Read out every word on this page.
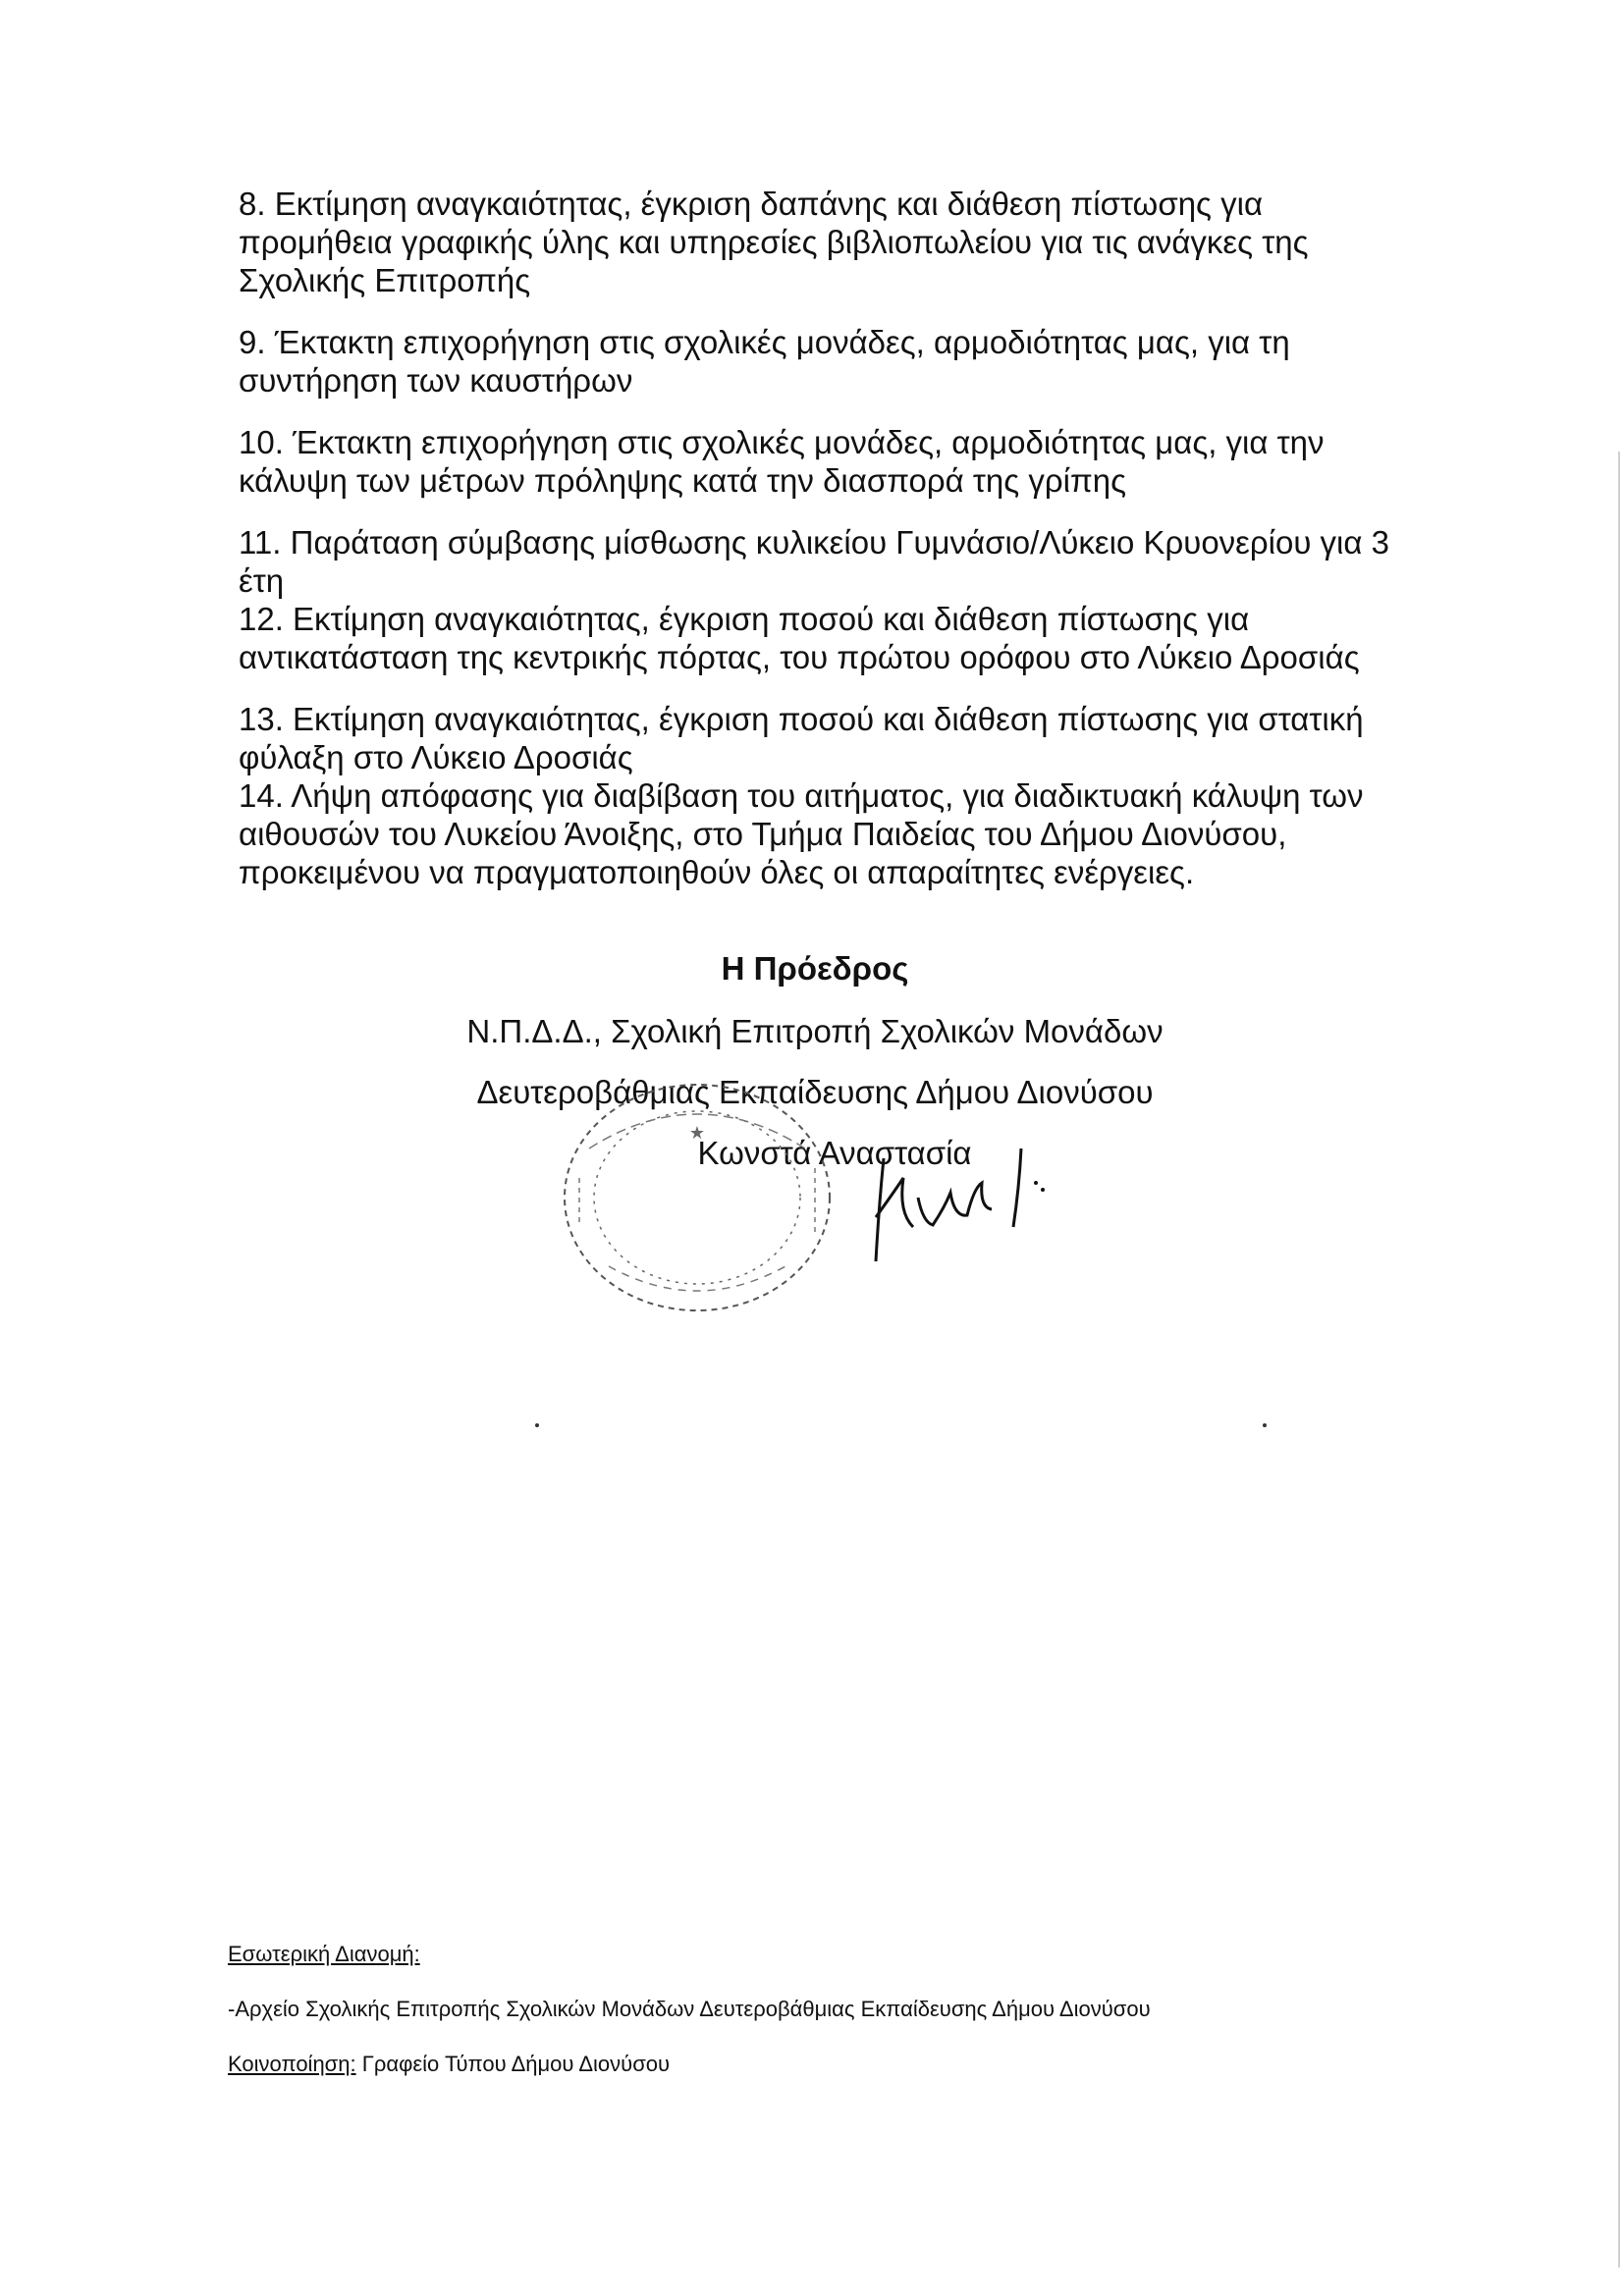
8. Εκτίμηση αναγκαιότητας, έγκριση δαπάνης και διάθεση πίστωσης για προμήθεια γραφικής ύλης και υπηρεσίες βιβλιοπωλείου για τις ανάγκες της Σχολικής Επιτροπής

9. Έκτακτη επιχορήγηση στις σχολικές μονάδες, αρμοδιότητας μας, για τη συντήρηση των καυστήρων

10. Έκτακτη επιχορήγηση στις σχολικές μονάδες, αρμοδιότητας μας, για την κάλυψη των μέτρων πρόληψης κατά την διασπορά της γρίπης

11. Παράταση σύμβασης μίσθωσης κυλικείου Γυμνάσιο/Λύκειο Κρυονερίου για 3 έτη

12. Εκτίμηση αναγκαιότητας, έγκριση ποσού και διάθεση πίστωσης για αντικατάσταση της κεντρικής πόρτας, του πρώτου ορόφου στο Λύκειο Δροσιάς

13. Εκτίμηση αναγκαιότητας, έγκριση ποσού και διάθεση πίστωσης για στατική φύλαξη στο Λύκειο Δροσιάς

14. Λήψη απόφασης για διαβίβαση του αιτήματος, για διαδικτυακή κάλυψη των αιθουσών του Λυκείου Άνοιξης, στο Τμήμα Παιδείας του Δήμου Διονύσου, προκειμένου να πραγματοποιηθούν όλες οι απαραίτητες ενέργειες.

Η Πρόεδρος
Ν.Π.Δ.Δ., Σχολική Επιτροπή Σχολικών Μονάδων
Δευτεροβάθμιας Εκπαίδευσης Δήμου Διονύσου
Κωνστά Αναστασία
★
Εσωτερική Διανομή:
-Αρχείο Σχολικής Επιτροπής Σχολικών Μονάδων Δευτεροβάθμιας Εκπαίδευσης Δήμου Διονύσου
Κοινοποίηση: Γραφείο Τύπου Δήμου Διονύσου
